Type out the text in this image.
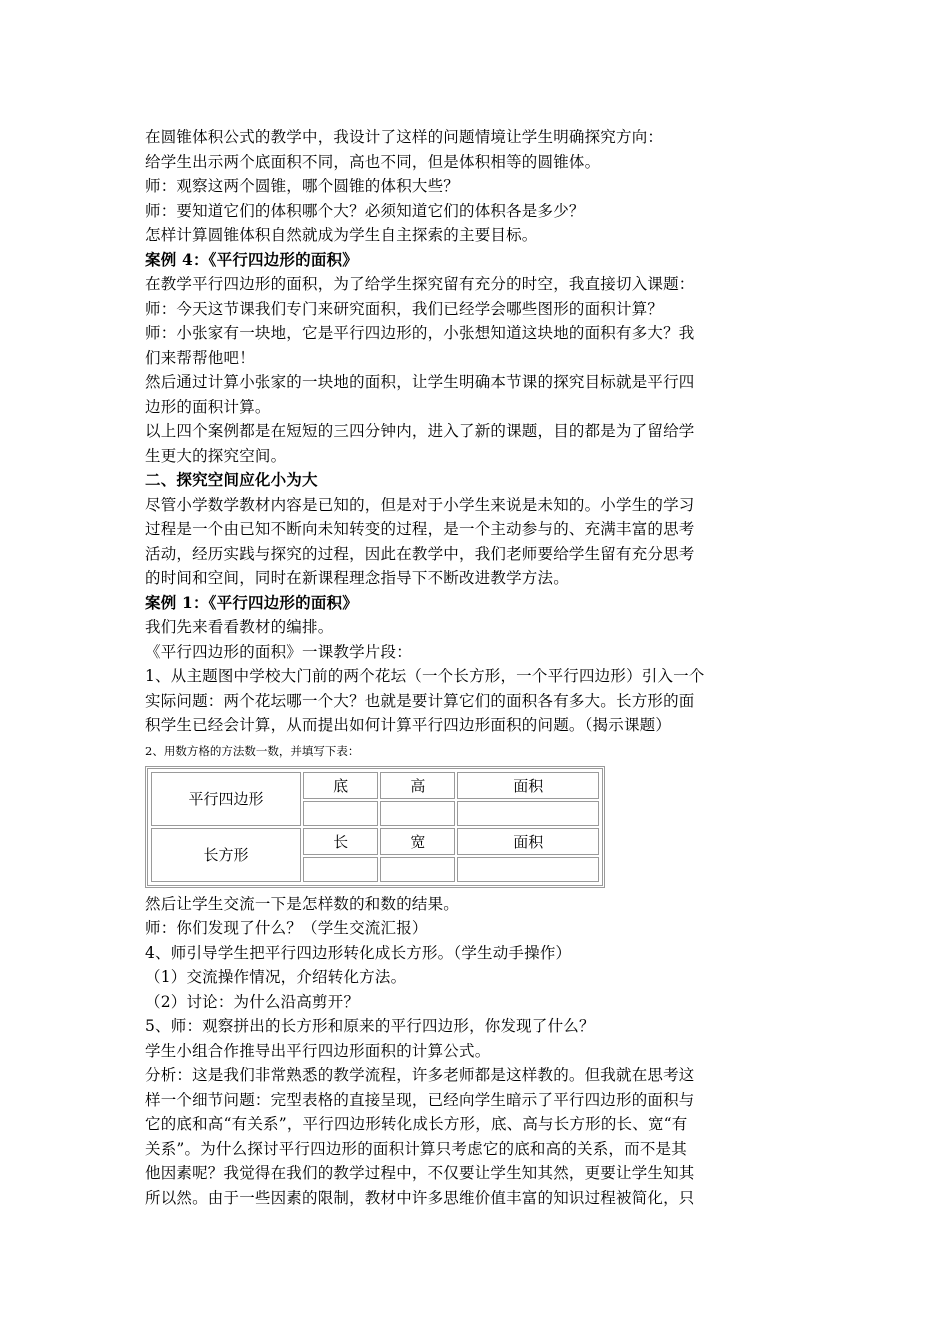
在圆锥体积公式的教学中，我设计了这样的问题情境让学生明确探究方向：
给学生出示两个底面积不同，高也不同，但是体积相等的圆锥体。
师：观察这两个圆锥，哪个圆锥的体积大些？
师：要知道它们的体积哪个大？必须知道它们的体积各是多少？
怎样计算圆锥体积自然就成为学生自主探索的主要目标。
案例 4：《平行四边形的面积》
在教学平行四边形的面积，为了给学生探究留有充分的时空，我直接切入课题：
师：今天这节课我们专门来研究面积，我们已经学会哪些图形的面积计算？
师：小张家有一块地，它是平行四边形的，小张想知道这块地的面积有多大？我
们来帮帮他吧！
然后通过计算小张家的一块地的面积，让学生明确本节课的探究目标就是平行四
边形的面积计算。
以上四个案例都是在短短的三四分钟内，进入了新的课题，目的都是为了留给学
生更大的探究空间。
二、探究空间应化小为大
尽管小学数学教材内容是已知的，但是对于小学生来说是未知的。小学生的学习
过程是一个由已知不断向未知转变的过程，是一个主动参与的、充满丰富的思考
活动，经历实践与探究的过程，因此在教学中，我们老师要给学生留有充分思考
的时间和空间，同时在新课程理念指导下不断改进教学方法。
案例 1：《平行四边形的面积》
我们先来看看教材的编排。
《平行四边形的面积》一课教学片段：
1、从主题图中学校大门前的两个花坛（一个长方形，一个平行四边形）引入一个
实际问题：两个花坛哪一个大？也就是要计算它们的面积各有多大。长方形的面
积学生已经会计算，从而提出如何计算平行四边形面积的问题。（揭示课题）
2、用数方格的方法数一数，并填写下表：
平行四边形	底	高	面积

长方形	长	宽	面积

然后让学生交流一下是怎样数的和数的结果。
师：你们发现了什么？（学生交流汇报）
4、师引导学生把平行四边形转化成长方形。（学生动手操作）
（1）交流操作情况，介绍转化方法。
（2）讨论：为什么沿高剪开？
5、师：观察拼出的长方形和原来的平行四边形，你发现了什么？
学生小组合作推导出平行四边形面积的计算公式。
分析：这是我们非常熟悉的教学流程，许多老师都是这样教的。但我就在思考这
样一个细节问题：完型表格的直接呈现，已经向学生暗示了平行四边形的面积与
它的底和高“有关系”，平行四边形转化成长方形，底、高与长方形的长、宽“有
关系”。为什么探讨平行四边形的面积计算只考虑它的底和高的关系，而不是其
他因素呢？我觉得在我们的教学过程中，不仅要让学生知其然，更要让学生知其
所以然。由于一些因素的限制，教材中许多思维价值丰富的知识过程被简化，只
